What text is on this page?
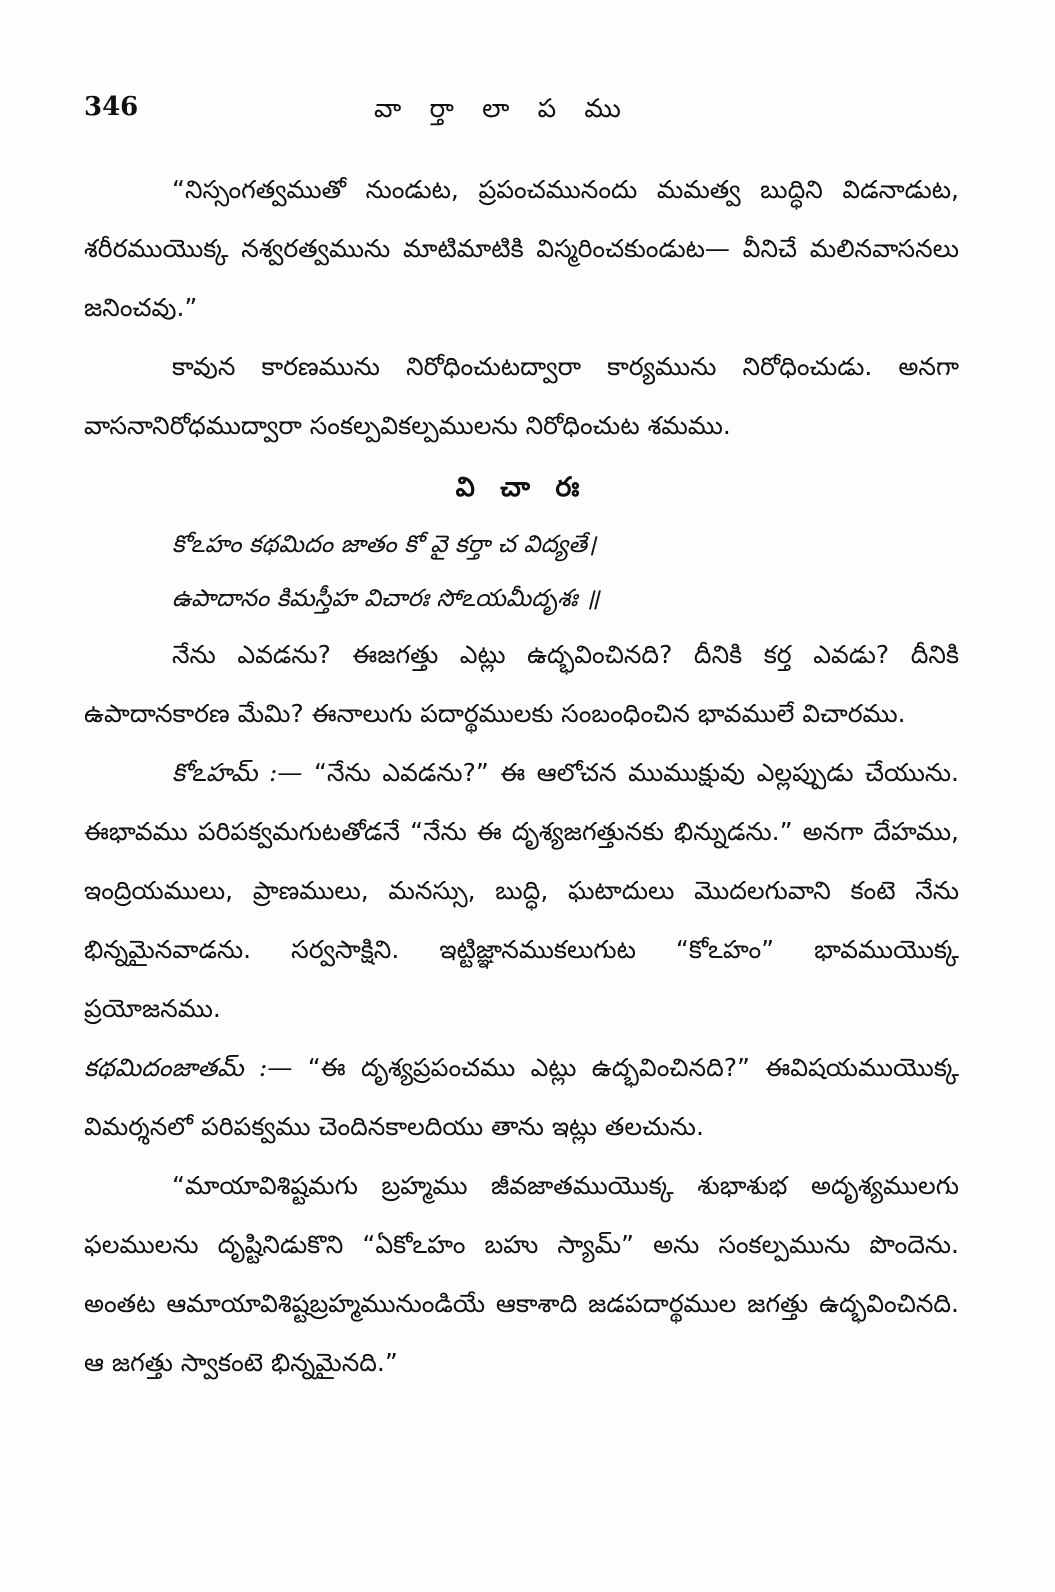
346	వా ర్తా లా ప ము

“నిస్సంగత్వముతో నుండుట, ప్రపంచమునందు మమత్వ బుద్ధిని విడనాడుట, శరీరముయొక్క నశ్వరత్వమును మాటిమాటికి విస్మరించకుండుట— వీనిచే మలినవాసనలు జనించవు.”

కావున కారణమును నిరోధించుటద్వారా కార్యమును నిరోధించుడు. అనగా వాసనానిరోధముద్వారా సంకల్పవికల్పములను నిరోధించుట శమము.

వి చా రః

కోఽహం కథమిదం జాతం కో వై కర్తా చ విద్యతే।

ఉపాదానం కిమస్తీహ విచారః సోఽయమీదృశః ॥

నేను ఎవడను? ఈజగత్తు ఎట్లు ఉద్భవించినది? దీనికి కర్త ఎవడు? దీనికి ఉపాదానకారణ మేమి? ఈనాలుగు పదార్థములకు సంబంధించిన భావములే విచారము.

కోఽహమ్ :— “నేను ఎవడను?” ఈ ఆలోచన ముముక్షువు ఎల్లప్పుడు చేయును. ఈభావము పరిపక్వమగుటతోడనే “నేను ఈ దృశ్యజగత్తునకు భిన్నుడను.” అనగా దేహము, ఇంద్రియములు, ప్రాణములు, మనస్సు, బుద్ధి, ఘటాదులు మొదలగువాని కంటె నేను భిన్నమైనవాడను. సర్వసాక్షిని. ఇట్టిజ్ఞానముకలుగుట “కోఽహం” భావముయొక్క ప్రయోజనము.

కథమిదంజాతమ్ :— “ఈ దృశ్యప్రపంచము ఎట్లు ఉద్భవించినది?” ఈవిషయముయొక్క విమర్శనలో పరిపక్వము చెందినకాలదియు తాను ఇట్లు తలచును.

“మాయావిశిష్టమగు బ్రహ్మము జీవజాతముయొక్క శుభాశుభ అదృశ్యములగు ఫలములను దృష్టినిడుకొని “ఏకోఽహం బహు స్యామ్” అను సంకల్పమును పొందెను. అంతట ఆమాయావిశిష్టబ్రహ్మమునుండియే ఆకాశాది జడపదార్థముల జగత్తు ఉద్భవించినది. ఆ జగత్తు స్వాకంటె భిన్నమైనది.”
